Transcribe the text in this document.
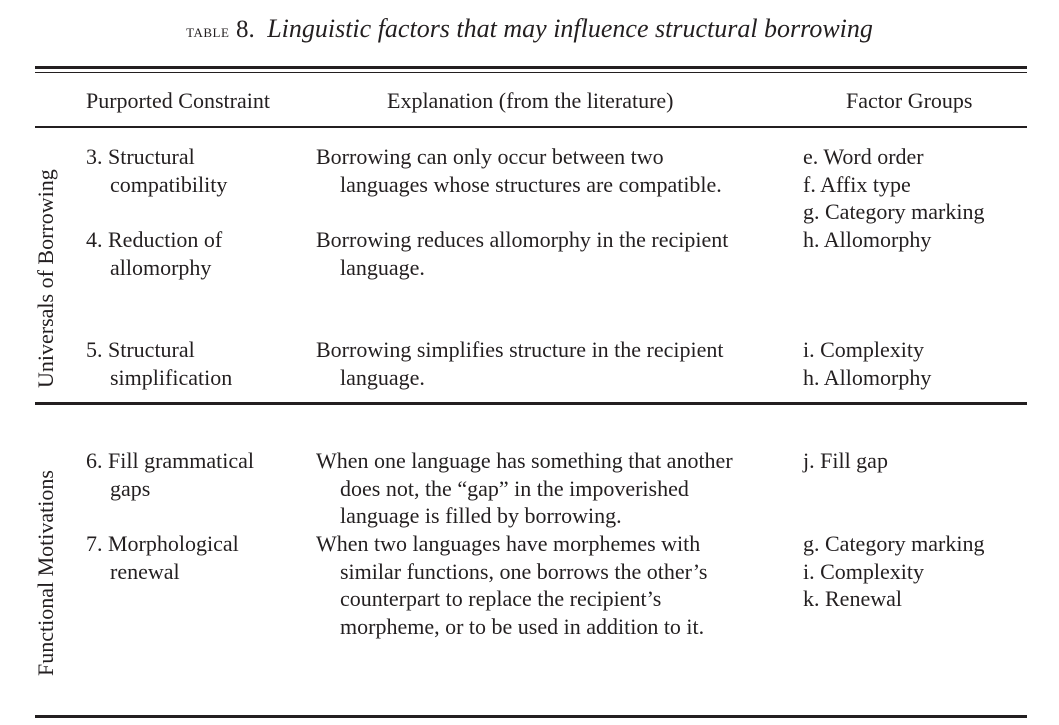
table 8. Linguistic factors that may influence structural borrowing
Purported Constraint	Explanation (from the literature)	Factor Groups
Universals of Borrowing
Functional Motivations
3. Structural
compatibility
Borrowing can only occur between two
languages whose structures are compatible.
e. Word order
f. Affix type
g. Category marking
4. Reduction of
allomorphy
Borrowing reduces allomorphy in the recipient
language.
h. Allomorphy
5. Structural
simplification
Borrowing simplifies structure in the recipient
language.
i. Complexity
h. Allomorphy
6. Fill grammatical
gaps
When one language has something that another
does not, the “gap” in the impoverished
language is filled by borrowing.
j. Fill gap
7. Morphological
renewal
When two languages have morphemes with
similar functions, one borrows the other’s
counterpart to replace the recipient’s
morpheme, or to be used in addition to it.
g. Category marking
i. Complexity
k. Renewal
